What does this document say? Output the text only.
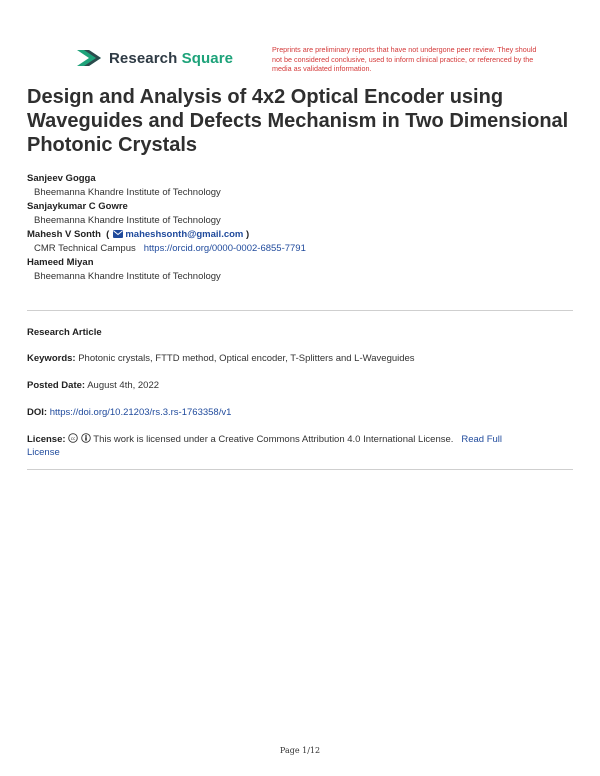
Research Square	Preprints are preliminary reports that have not undergone peer review. They should not be considered conclusive, used to inform clinical practice, or referenced by the media as validated information.
Design and Analysis of 4x2 Optical Encoder using Waveguides and Defects Mechanism in Two Dimensional Photonic Crystals
Sanjeev Gogga
Bheemanna Khandre Institute of Technology
Sanjaykumar C Gowre
Bheemanna Khandre Institute of Technology
Mahesh V Sonth  ( maheshsonth@gmail.com )
CMR Technical Campus https://orcid.org/0000-0002-6855-7791
Hameed Miyan
Bheemanna Khandre Institute of Technology
Research Article
Keywords: Photonic crystals, FTTD method, Optical encoder, T-Splitters and L-Waveguides
Posted Date: August 4th, 2022
DOI: https://doi.org/10.21203/rs.3.rs-1763358/v1
License: cc This work is licensed under a Creative Commons Attribution 4.0 International License. Read Full
License
Page 1/12
